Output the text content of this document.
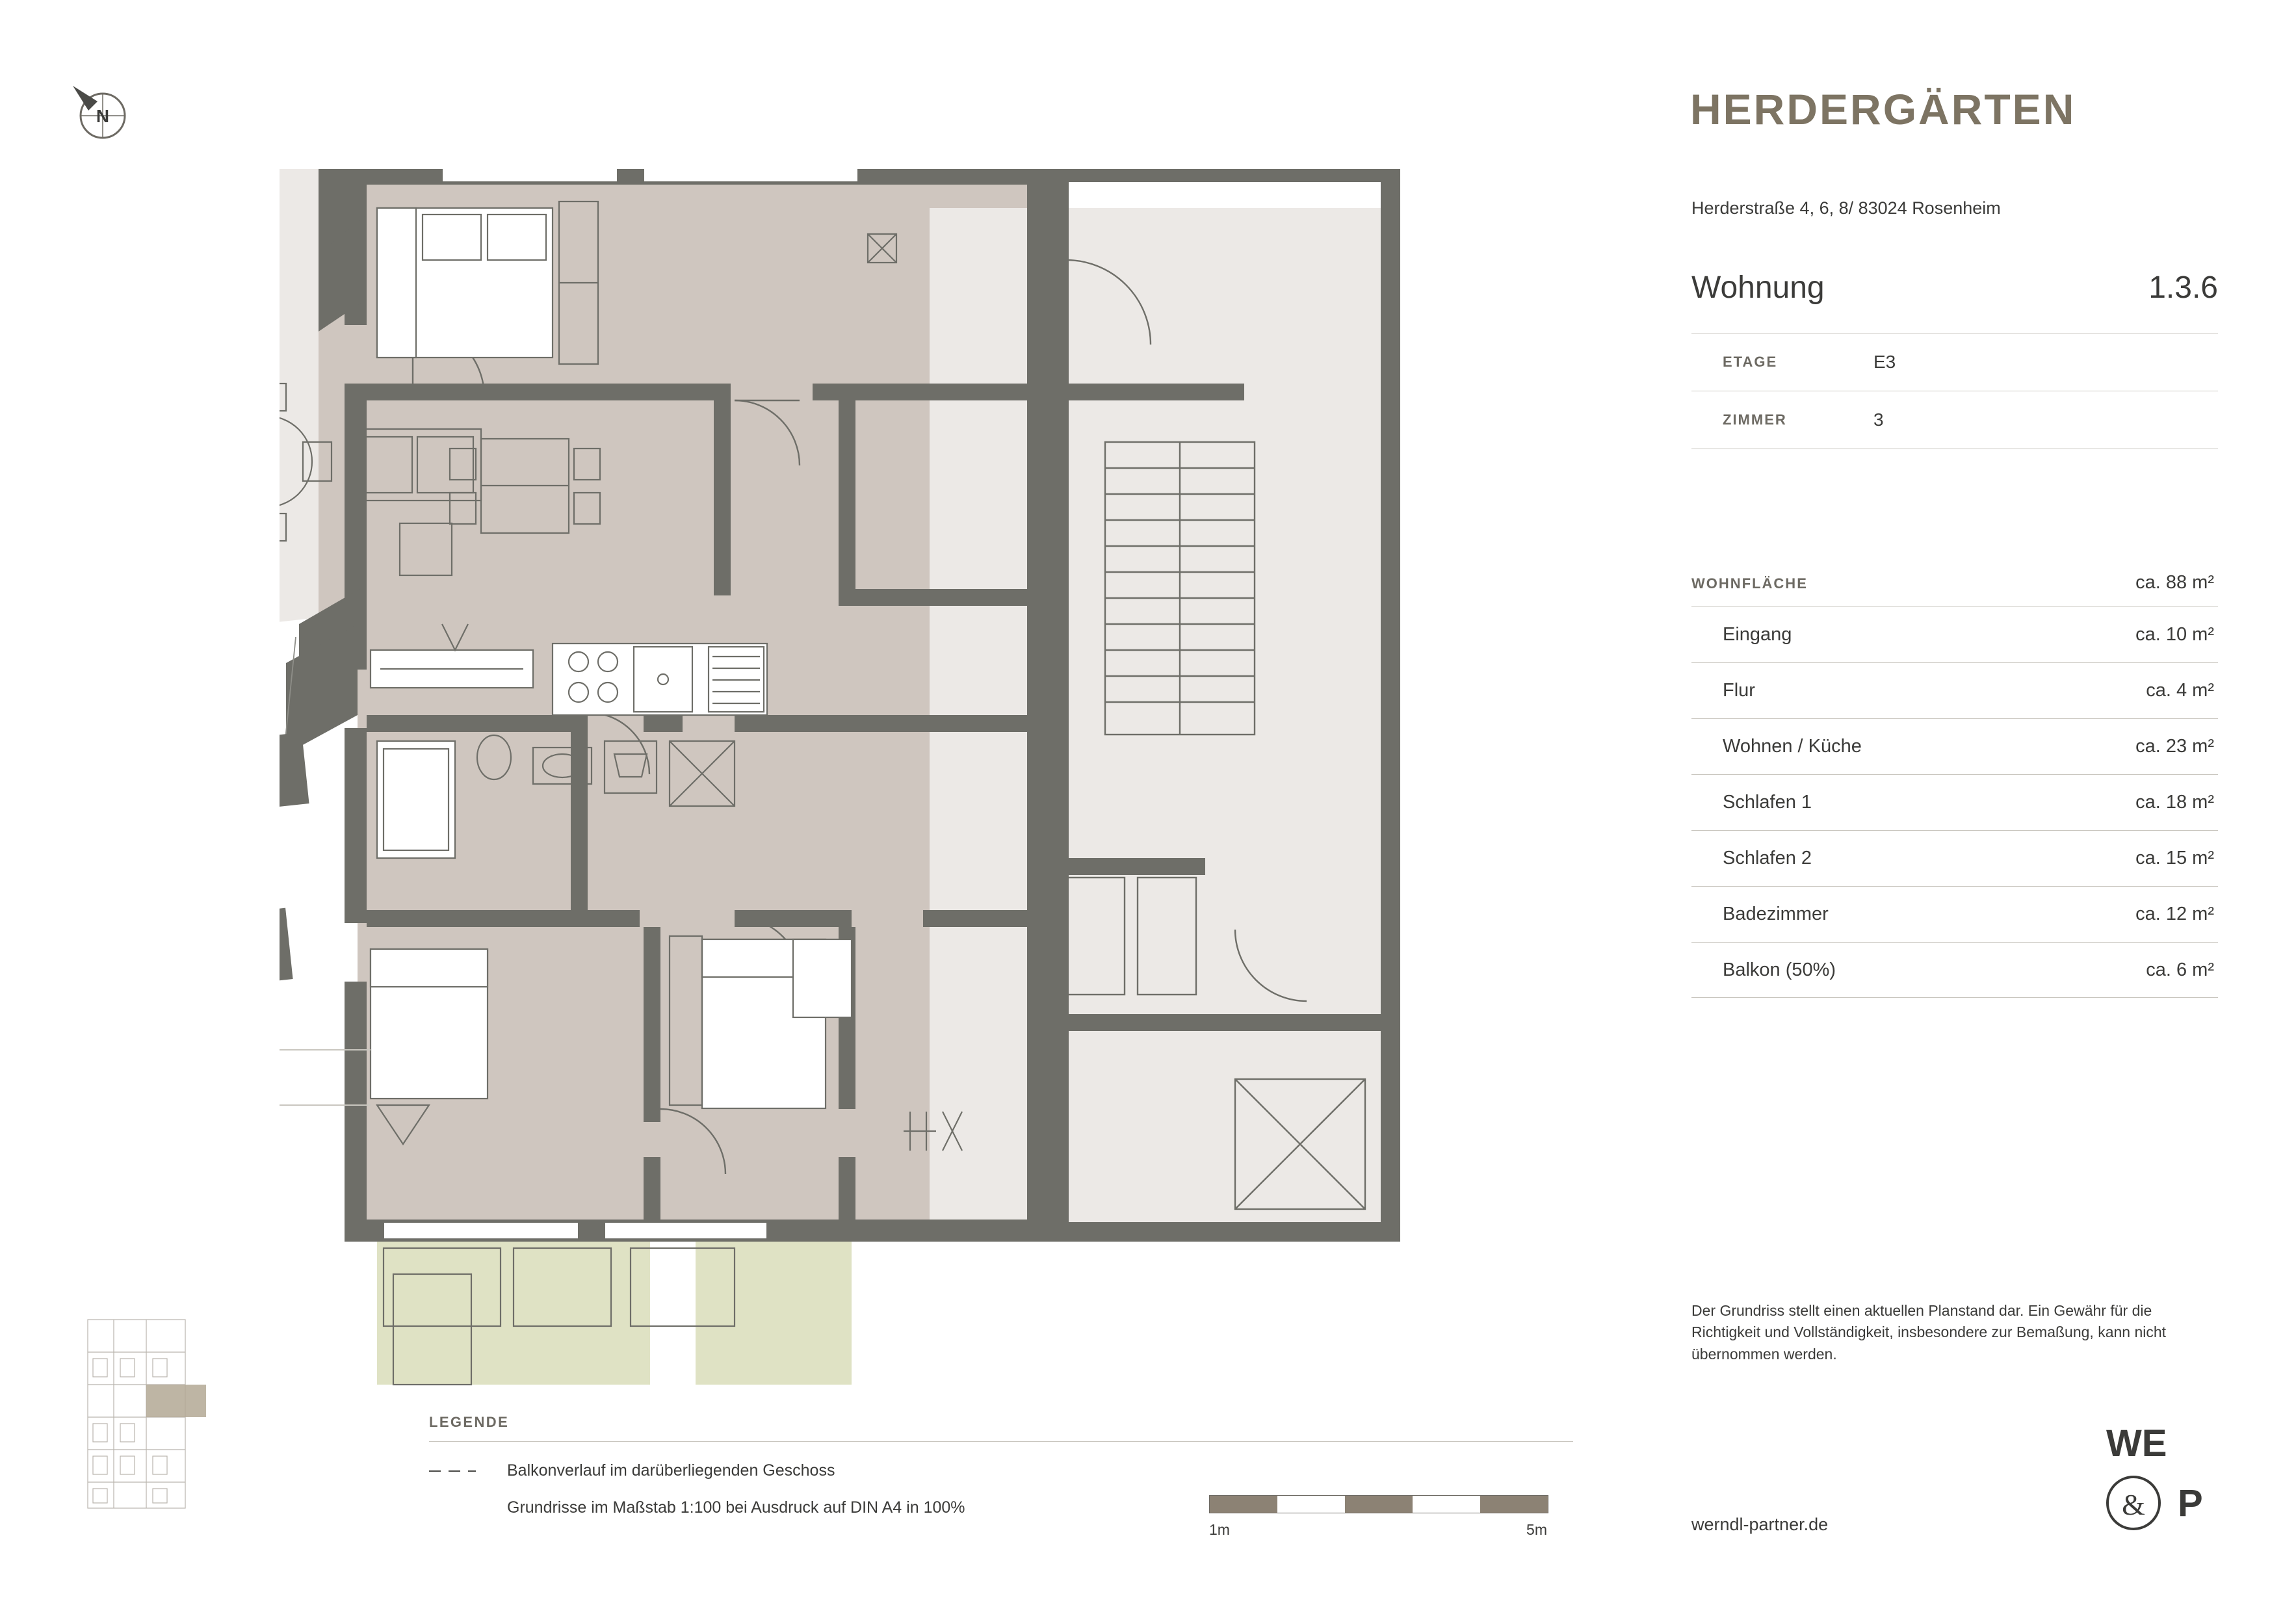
N
LEGENDE
Balkonverlauf im darüberliegenden Geschoss
Grundrisse im Maßstab 1:100 bei Ausdruck auf DIN A4 in 100%
1m	5m
HERDERGÄRTEN
Herderstraße 4, 6, 8/ 83024 Rosenheim
Wohnung	1.3.6
ETAGE	E3
ZIMMER	3
WOHNFLÄCHE	ca. 88 m²
Eingang	ca. 10 m²
Flur	ca. 4 m²
Wohnen / Küche	ca. 23 m²
Schlafen 1	ca. 18 m²
Schlafen 2	ca. 15 m²
Badezimmer	ca. 12 m²
Balkon (50%)	ca. 6 m²
Der Grundriss stellt einen aktuellen Planstand dar. Ein Gewähr für die Richtigkeit und Vollständigkeit, insbesondere zur Bemaßung, kann nicht übernommen werden.
werndl-partner.de
WE
& P
